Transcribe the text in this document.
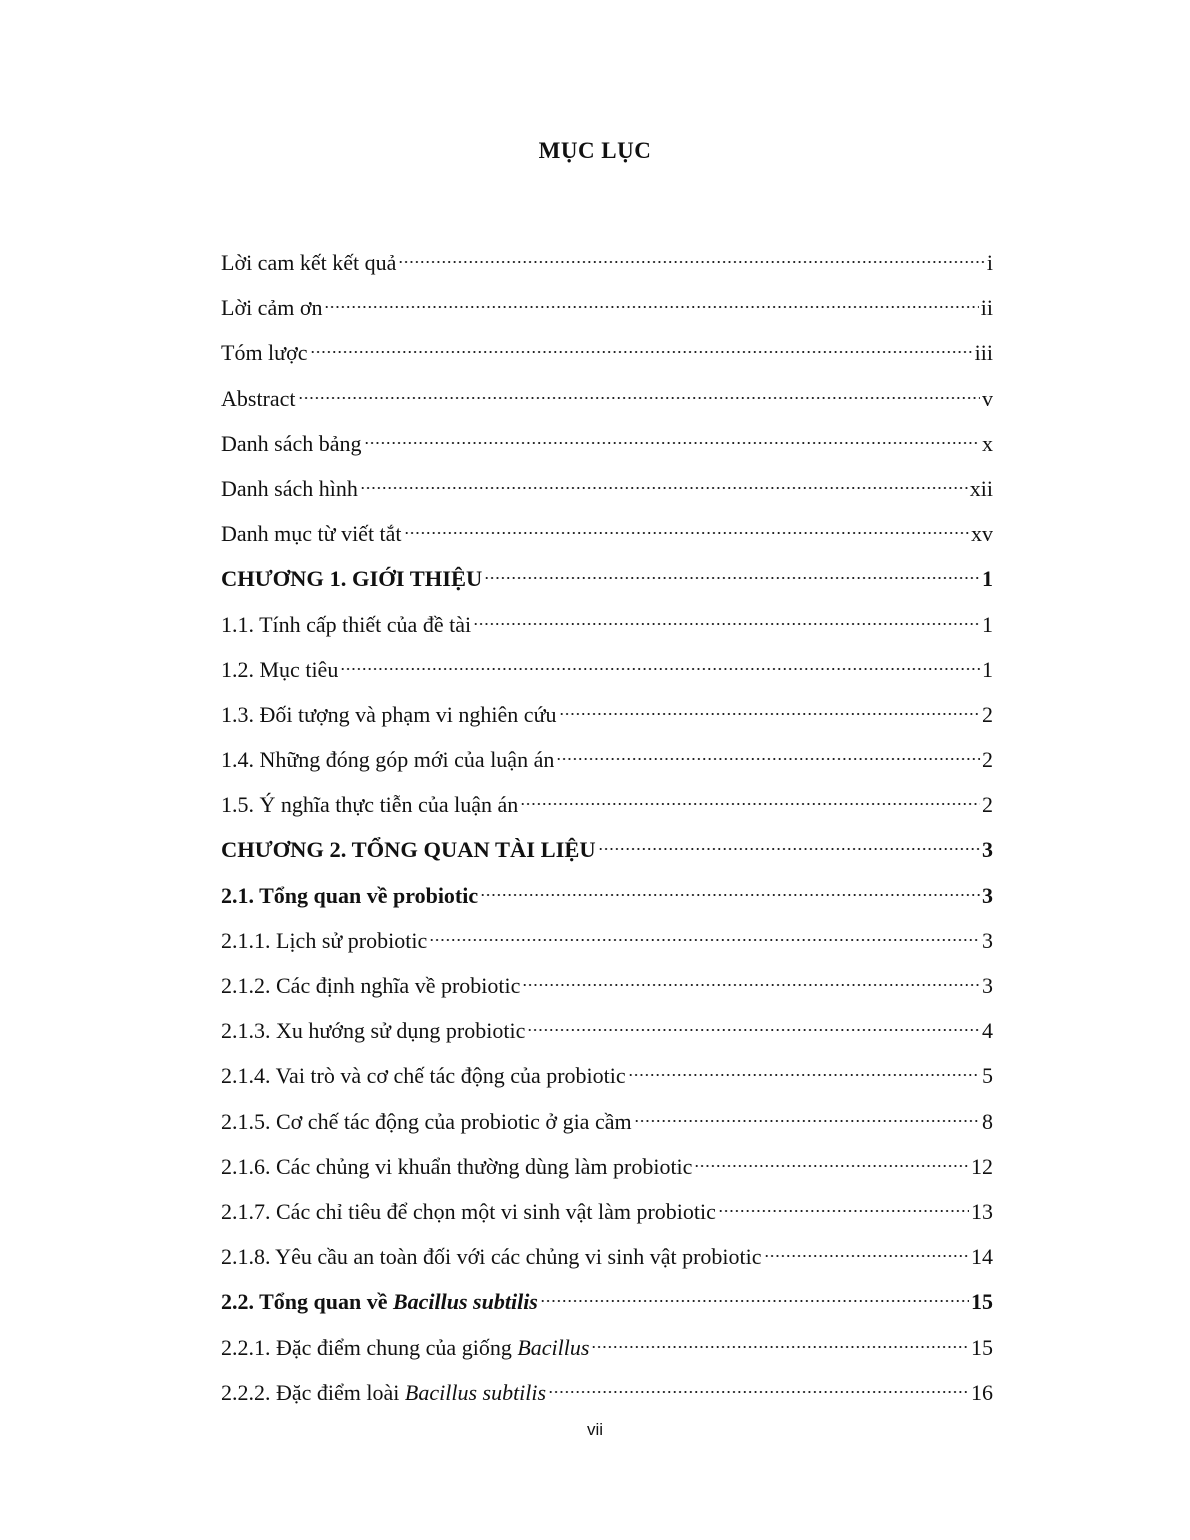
MỤC LỤC
Lời cam kết kết quả	i
Lời cảm ơn	ii
Tóm lược	iii
Abstract	v
Danh sách bảng	x
Danh sách hình	xii
Danh mục từ viết tắt	xv
CHƯƠNG 1. GIỚI THIỆU	1
1.1. Tính cấp thiết của đề tài	1
1.2. Mục tiêu	1
1.3. Đối tượng và phạm vi nghiên cứu	2
1.4. Những đóng góp mới của luận án	2
1.5. Ý nghĩa thực tiễn của luận án	2
CHƯƠNG 2. TỔNG QUAN TÀI LIỆU	3
2.1. Tổng quan về probiotic	3
2.1.1. Lịch sử probiotic	3
2.1.2. Các định nghĩa về probiotic	3
2.1.3. Xu hướng sử dụng probiotic	4
2.1.4. Vai trò và cơ chế tác động của probiotic	5
2.1.5. Cơ chế tác động của probiotic ở gia cầm	8
2.1.6. Các chủng vi khuẩn thường dùng làm probiotic	12
2.1.7. Các chỉ tiêu để chọn một vi sinh vật làm probiotic	13
2.1.8. Yêu cầu an toàn đối với các chủng vi sinh vật probiotic	14
2.2. Tổng quan về Bacillus subtilis	15
2.2.1. Đặc điểm chung của giống Bacillus	15
2.2.2. Đặc điểm loài Bacillus subtilis	16
vii
